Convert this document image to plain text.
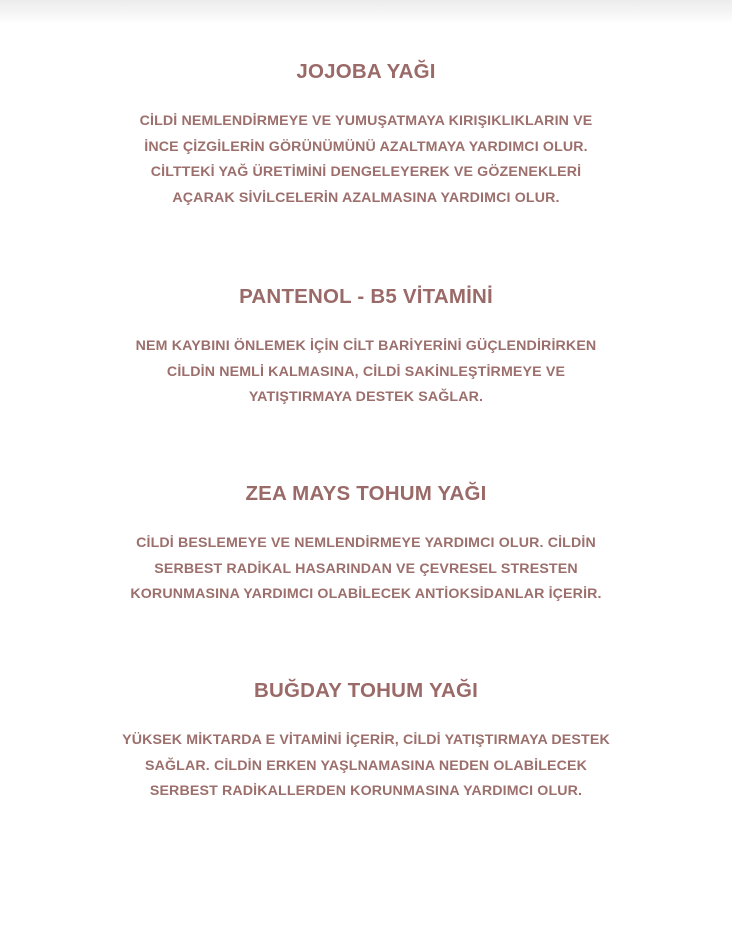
JOJOBA YAĞI
CİLDİ NEMLENDİRMEYE VE YUMUŞATMAYA KIRIŞIKLIKLARIN VE
İNCE ÇİZGİLERİN GÖRÜNÜMÜNÜ AZALTMAYA YARDIMCI OLUR.
CİLTTEKİ YAĞ ÜRETİMİNİ DENGELEYEREK VE GÖZENEKLERİ
AÇARAK SİVİLCELERİN AZALMASINA YARDIMCI OLUR.
PANTENOL - B5 VİTAMİNİ
NEM KAYBINI ÖNLEMEK İÇİN CİLT BARİYERİNİ GÜÇLENDİRİRKEN
CİLDİN NEMLİ KALMASINA, CİLDİ SAKİNLEŞTİRMEYE VE
YATIŞTIRMAYA DESTEK SAĞLAR.
ZEA MAYS TOHUM YAĞI
CİLDİ BESLEMEYE VE NEMLENDİRMEYE YARDIMCI OLUR. CİLDİN
SERBEST RADİKAL HASARINDAN VE ÇEVRESEL STRESTEN
KORUNMASINA YARDIMCI OLABİLECEK ANTİOKSİDANLAR İÇERİR.
BUĞDAY TOHUM YAĞI
YÜKSEK MİKTARDA E VİTAMİNİ İÇERİR, CİLDİ YATIŞTIRMAYA DESTEK
SAĞLAR. CİLDİN ERKEN YAŞLNAMASINA NEDEN OLABİLECEK
SERBEST RADİKALLERDEN KORUNMASINA YARDIMCI OLUR.
